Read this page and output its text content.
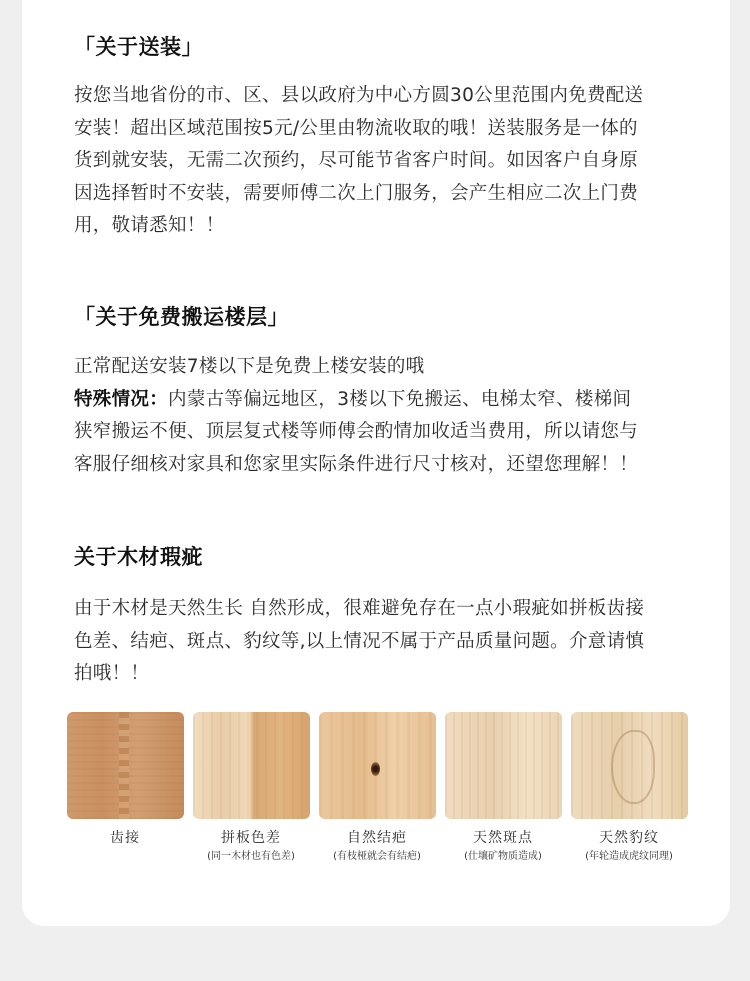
「关于送装」

按您当地省份的市、区、县以政府为中心方圆30公里范围内免费配送
安装！超出区域范围按5元/公里由物流收取的哦！送装服务是一体的
货到就安装，无需二次预约，尽可能节省客户时间。如因客户自身原
因选择暂时不安装，需要师傅二次上门服务，会产生相应二次上门费
用，敬请悉知！！

「关于免费搬运楼层」

正常配送安装7楼以下是免费上楼安装的哦
特殊情况：内蒙古等偏远地区，3楼以下免搬运、电梯太窄、楼梯间
狭窄搬运不便、顶层复式楼等师傅会酌情加收适当费用，所以请您与
客服仔细核对家具和您家里实际条件进行尺寸核对，还望您理解！！

关于木材瑕疵

由于木材是天然生长 自然形成，很难避免存在一点小瑕疵如拼板齿接
色差、结疤、斑点、豹纹等,以上情况不属于产品质量问题。介意请慎
拍哦！！

齿接	拼板色差
(同一木材也有色差)
自然结疤
(有枝桠就会有结疤)
天然斑点
(仕壤矿物质造成)
天然豹纹
(年轮造成虎纹同理)
